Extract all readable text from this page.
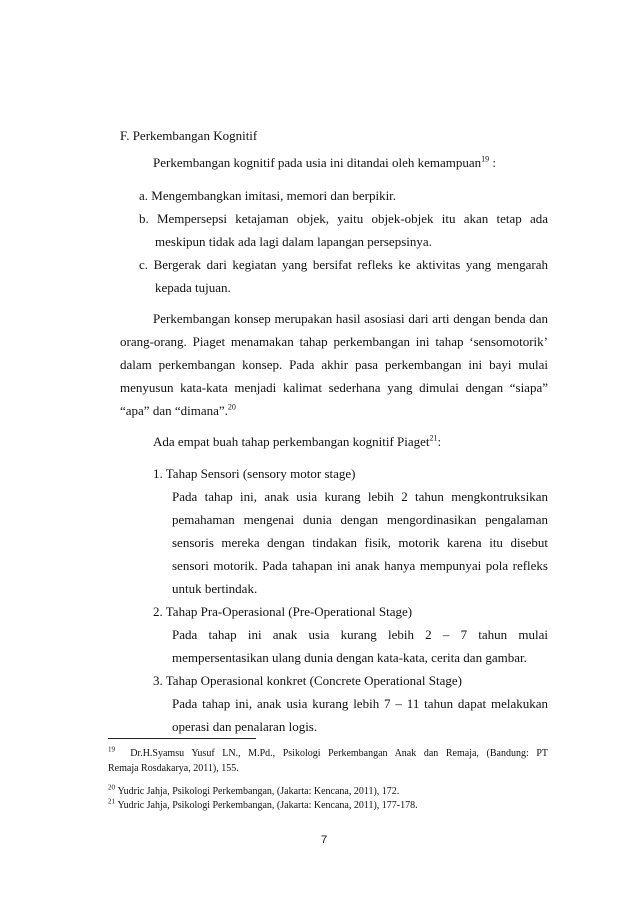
F. Perkembangan Kognitif
Perkembangan kognitif pada usia ini ditandai oleh kemampuan$^{19}$ :
a. Mengembangkan imitasi, memori dan berpikir.
b. Mempersepsi ketajaman objek, yaitu objek-objek itu akan tetap ada
meskipun tidak ada lagi dalam lapangan persepsinya.
c. Bergerak dari kegiatan yang bersifat refleks ke aktivitas yang mengarah
kepada tujuan.
Perkembangan konsep merupakan hasil asosiasi dari arti dengan benda dan
orang-orang. Piaget menamakan tahap perkembangan ini tahap ‘sensomotorik’
dalam perkembangan konsep. Pada akhir pasa perkembangan ini bayi mulai
menyusun kata-kata menjadi kalimat sederhana yang dimulai dengan “siapa”
“apa” dan “dimana”.$^{20}$
Ada empat buah tahap perkembangan kognitif Piaget$^{21}$:
1. Tahap Sensori (sensory motor stage)
Pada tahap ini, anak usia kurang lebih 2 tahun mengkontruksikan
pemahaman mengenai dunia dengan mengordinasikan pengalaman
sensoris mereka dengan tindakan fisik, motorik karena itu disebut
sensori motorik. Pada tahapan ini anak hanya mempunyai pola refleks
untuk bertindak.
2. Tahap Pra-Operasional (Pre-Operational Stage)
Pada tahap ini anak usia kurang lebih 2 – 7 tahun mulai
mempersentasikan ulang dunia dengan kata-kata, cerita dan gambar.
3. Tahap Operasional konkret (Concrete Operational Stage)
Pada tahap ini, anak usia kurang lebih 7 – 11 tahun dapat melakukan
operasi dan penalaran logis.
$^{19}$ Dr.H.Syamsu Yusuf LN., M.Pd., Psikologi Perkembangan Anak dan Remaja, (Bandung: PT
Remaja Rosdakarya, 2011), 155.
$^{20}$ Yudric Jahja, Psikologi Perkembangan, (Jakarta: Kencana, 2011), 172.
$^{21}$ Yudric Jahja, Psikologi Perkembangan, (Jakarta: Kencana, 2011), 177-178.
7
